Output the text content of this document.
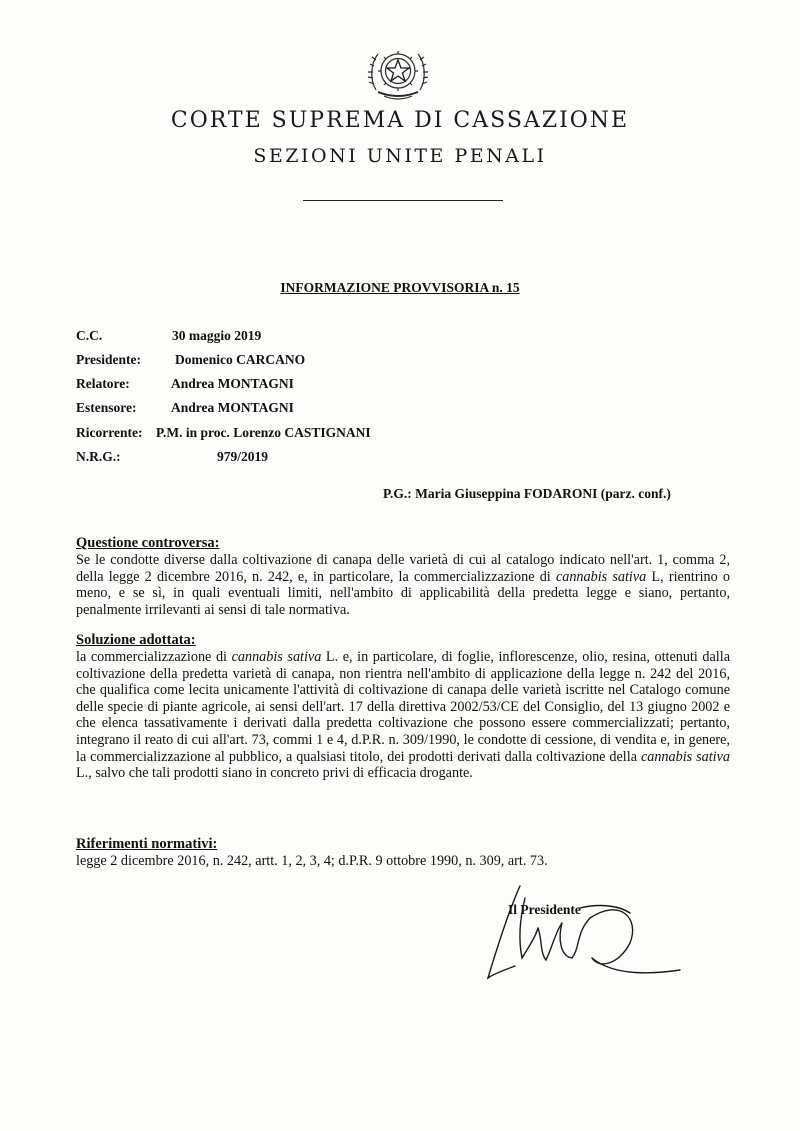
CORTE SUPREMA DI CASSAZIONE
SEZIONI UNITE PENALI
INFORMAZIONE PROVVISORIA n. 15
C.C.	30 maggio 2019
Presidente:	Domenico CARCANO
Relatore:	Andrea MONTAGNI
Estensore:	Andrea MONTAGNI
Ricorrente: P.M. in proc. Lorenzo CASTIGNANI
N.R.G.:	979/2019
P.G.: Maria Giuseppina FODARONI (parz. conf.)
Questione controversa:
Se le condotte diverse dalla coltivazione di canapa delle varietà di cui al catalogo indicato nell'art. 1, comma 2, della legge 2 dicembre 2016, n. 242, e, in particolare, la commercializzazione di cannabis sativa L, rientrino o meno, e se sì, in quali eventuali limiti, nell'ambito di applicabilità della predetta legge e siano, pertanto, penalmente irrilevanti ai sensi di tale normativa.
Soluzione adottata:
la commercializzazione di cannabis sativa L. e, in particolare, di foglie, inflorescenze, olio, resina, ottenuti dalla coltivazione della predetta varietà di canapa, non rientra nell'ambito di applicazione della legge n. 242 del 2016, che qualifica come lecita unicamente l'attività di coltivazione di canapa delle varietà iscritte nel Catalogo comune delle specie di piante agricole, ai sensi dell'art. 17 della direttiva 2002/53/CE del Consiglio, del 13 giugno 2002 e che elenca tassativamente i derivati dalla predetta coltivazione che possono essere commercializzati; pertanto, integrano il reato di cui all'art. 73, commi 1 e 4, d.P.R. n. 309/1990, le condotte di cessione, di vendita e, in genere, la commercializzazione al pubblico, a qualsiasi titolo, dei prodotti derivati dalla coltivazione della cannabis sativa L., salvo che tali prodotti siano in concreto privi di efficacia drogante.
Riferimenti normativi:
legge 2 dicembre 2016, n. 242, artt. 1, 2, 3, 4; d.P.R. 9 ottobre 1990, n. 309, art. 73.
Il Presidente
